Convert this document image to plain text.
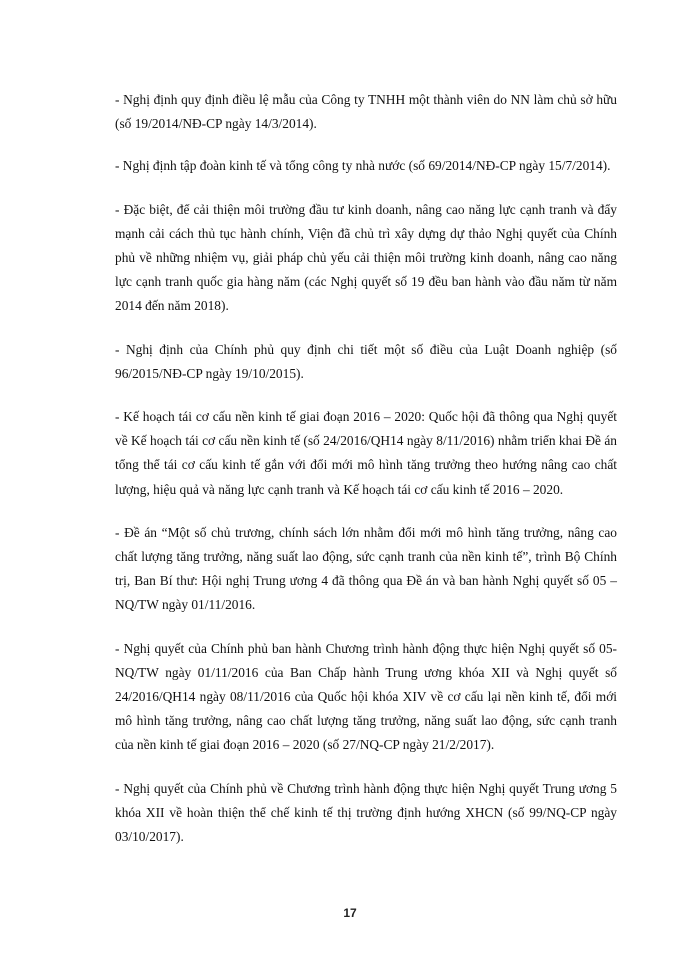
- Nghị định quy định điều lệ mẫu của Công ty TNHH một thành viên do NN làm chủ sở hữu (số 19/2014/NĐ-CP ngày 14/3/2014).

- Nghị định tập đoàn kinh tế và tổng công ty nhà nước (số 69/2014/NĐ-CP ngày 15/7/2014).

- Đặc biệt, để cải thiện môi trường đầu tư kinh doanh, nâng cao năng lực cạnh tranh và đẩy mạnh cải cách thủ tục hành chính, Viện đã chủ trì xây dựng dự thảo Nghị quyết của Chính phủ về những nhiệm vụ, giải pháp chủ yếu cải thiện môi trường kinh doanh, nâng cao năng lực cạnh tranh quốc gia hàng năm (các Nghị quyết số 19 đều ban hành vào đầu năm từ năm 2014 đến năm 2018).

- Nghị định của Chính phủ quy định chi tiết một số điều của Luật Doanh nghiệp (số 96/2015/NĐ-CP ngày 19/10/2015).

- Kế hoạch tái cơ cấu nền kinh tế giai đoạn 2016 – 2020: Quốc hội đã thông qua Nghị quyết về Kế hoạch tái cơ cấu nền kinh tế (số 24/2016/QH14 ngày 8/11/2016) nhằm triển khai Đề án tổng thể tái cơ cấu kinh tế gắn với đổi mới mô hình tăng trưởng theo hướng nâng cao chất lượng, hiệu quả và năng lực cạnh tranh và Kế hoạch tái cơ cấu kinh tế 2016 – 2020.

- Đề án “Một số chủ trương, chính sách lớn nhằm đổi mới mô hình tăng trưởng, nâng cao chất lượng tăng trưởng, năng suất lao động, sức cạnh tranh của nền kinh tế”, trình Bộ Chính trị, Ban Bí thư: Hội nghị Trung ương 4 đã thông qua Đề án và ban hành Nghị quyết số 05 – NQ/TW ngày 01/11/2016.

- Nghị quyết của Chính phủ ban hành Chương trình hành động thực hiện Nghị quyết số 05-NQ/TW ngày 01/11/2016 của Ban Chấp hành Trung ương khóa XII và Nghị quyết số 24/2016/QH14 ngày 08/11/2016 của Quốc hội khóa XIV về cơ cấu lại nền kinh tế, đổi mới mô hình tăng trưởng, nâng cao chất lượng tăng trưởng, năng suất lao động, sức cạnh tranh của nền kinh tế giai đoạn 2016 – 2020 (số 27/NQ-CP ngày 21/2/2017).

- Nghị quyết của Chính phủ về Chương trình hành động thực hiện Nghị quyết Trung ương 5 khóa XII về hoàn thiện thể chế kinh tế thị trường định hướng XHCN (số 99/NQ-CP ngày 03/10/2017).

17
